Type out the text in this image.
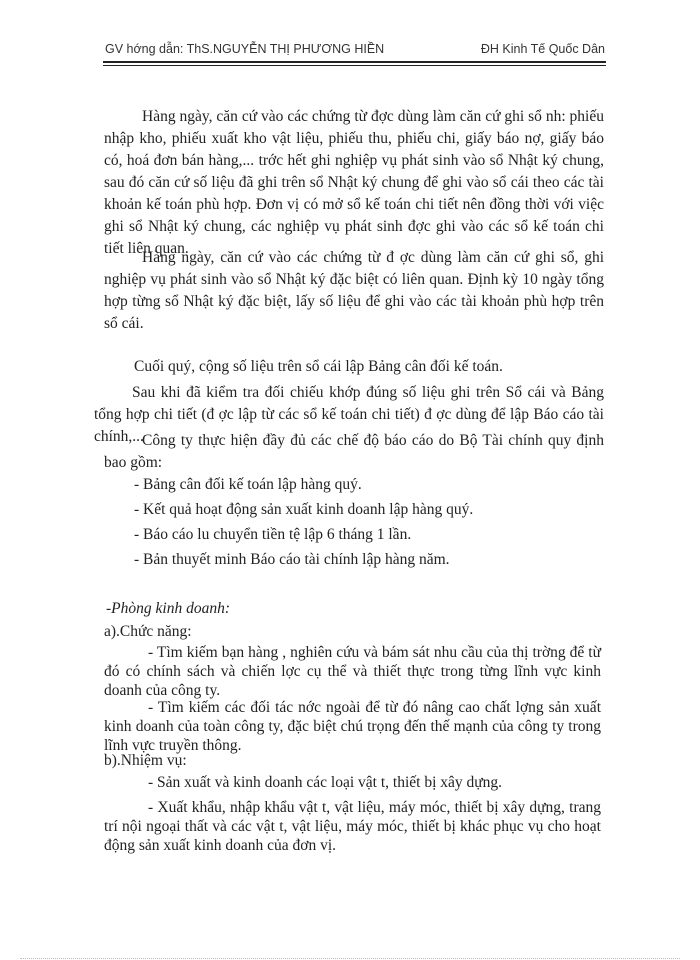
GV hớng dẫn: ThS.NGUYỄN THỊ PHƯƠNG HIỀN	ĐH Kinh Tế Quốc Dân

Hàng ngày, căn cứ vào các chứng từ đợc dùng làm căn cứ ghi sổ nh: phiếu nhập kho, phiếu xuất kho vật liệu, phiếu thu, phiếu chi, giấy báo nợ, giấy báo có, hoá đơn bán hàng,... trớc hết ghi nghiệp vụ phát sinh vào sổ Nhật ký chung, sau đó căn cứ số liệu đã ghi trên sổ Nhật ký chung để ghi vào sổ cái theo các tài khoản kế toán phù hợp. Đơn vị có mở sổ kế toán chi tiết nên đồng thời với việc ghi sổ Nhật ký chung, các nghiệp vụ phát sinh đợc ghi vào các sổ kế toán chi tiết liên quan.

Hàng ngày, căn cứ vào các chứng từ đ ợc dùng làm căn cứ ghi sổ, ghi nghiệp vụ phát sinh vào sổ Nhật ký đặc biệt có liên quan. Định kỳ 10 ngày tổng hợp từng sổ Nhật ký đặc biệt, lấy số liệu để ghi vào các tài khoản phù hợp trên sổ cái.

Cuối quý, cộng số liệu trên sổ cái lập Bảng cân đối kế toán.

Sau khi đã kiểm tra đối chiếu khớp đúng số liệu ghi trên Sổ cái và Bảng tổng hợp chi tiết (đ ợc lập từ các sổ kế toán chi tiết) đ ợc dùng để lập Báo cáo tài chính,...

Công ty thực hiện đầy đủ các chế độ báo cáo do Bộ Tài chính quy định bao gồm:

- Bảng cân đối kế toán lập hàng quý.
- Kết quả hoạt động sản xuất kinh doanh lập hàng quý.
- Báo cáo lu chuyển tiền tệ lập 6 tháng 1 lần.
- Bản thuyết minh Báo cáo tài chính lập hàng năm.
-Phòng kinh doanh:
a).Chức năng:

- Tìm kiếm bạn hàng , nghiên cứu và bám sát nhu cầu của thị trờng để từ đó có chính sách và chiến lợc cụ thể và thiết thực trong từng lĩnh vực kinh doanh của công ty.

- Tìm kiếm các đối tác nớc ngoài để từ đó nâng cao chất lợng sản xuất kinh doanh của toàn công ty, đặc biệt chú trọng đến thế mạnh của công ty trong lĩnh vực truyền thông.

b).Nhiệm vụ:

- Sản xuất và kinh doanh các loại vật t, thiết bị xây dựng.

- Xuất khẩu, nhập khẩu vật t, vật liệu, máy móc, thiết bị xây dựng, trang trí nội ngoại thất và các vật t, vật liệu, máy móc, thiết bị khác phục vụ cho hoạt động sản xuất kinh doanh của đơn vị.
